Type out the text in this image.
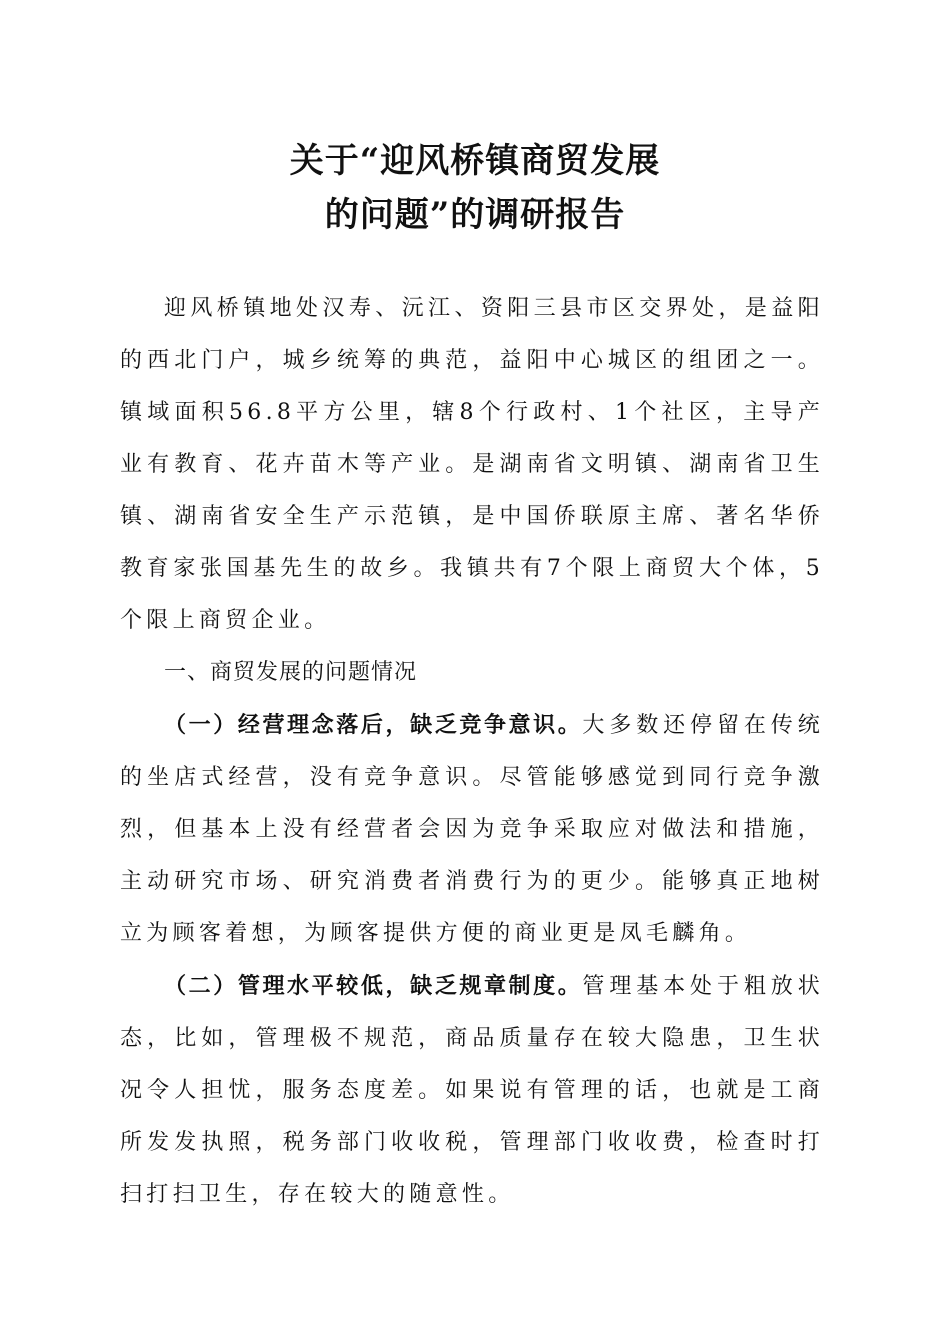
关于“迎风桥镇商贸发展
的问题”的调研报告

迎风桥镇地处汉寿、沅江、资阳三县市区交界处，是益阳的西北门户，城乡统筹的典范，益阳中心城区的组团之一。镇域面积56.8平方公里，辖8个行政村、1个社区，主导产业有教育、花卉苗木等产业。是湖南省文明镇、湖南省卫生镇、湖南省安全生产示范镇，是中国侨联原主席、著名华侨教育家张国基先生的故乡。我镇共有7个限上商贸大个体，5个限上商贸企业。

一、商贸发展的问题情况

（一）经营理念落后，缺乏竞争意识。大多数还停留在传统的坐店式经营，没有竞争意识。尽管能够感觉到同行竞争激烈，但基本上没有经营者会因为竞争采取应对做法和措施，主动研究市场、研究消费者消费行为的更少。能够真正地树立为顾客着想，为顾客提供方便的商业更是凤毛麟角。

（二）管理水平较低，缺乏规章制度。管理基本处于粗放状态，比如，管理极不规范，商品质量存在较大隐患，卫生状况令人担忧，服务态度差。如果说有管理的话，也就是工商所发发执照，税务部门收收税，管理部门收收费，检查时打扫打扫卫生，存在较大的随意性。
